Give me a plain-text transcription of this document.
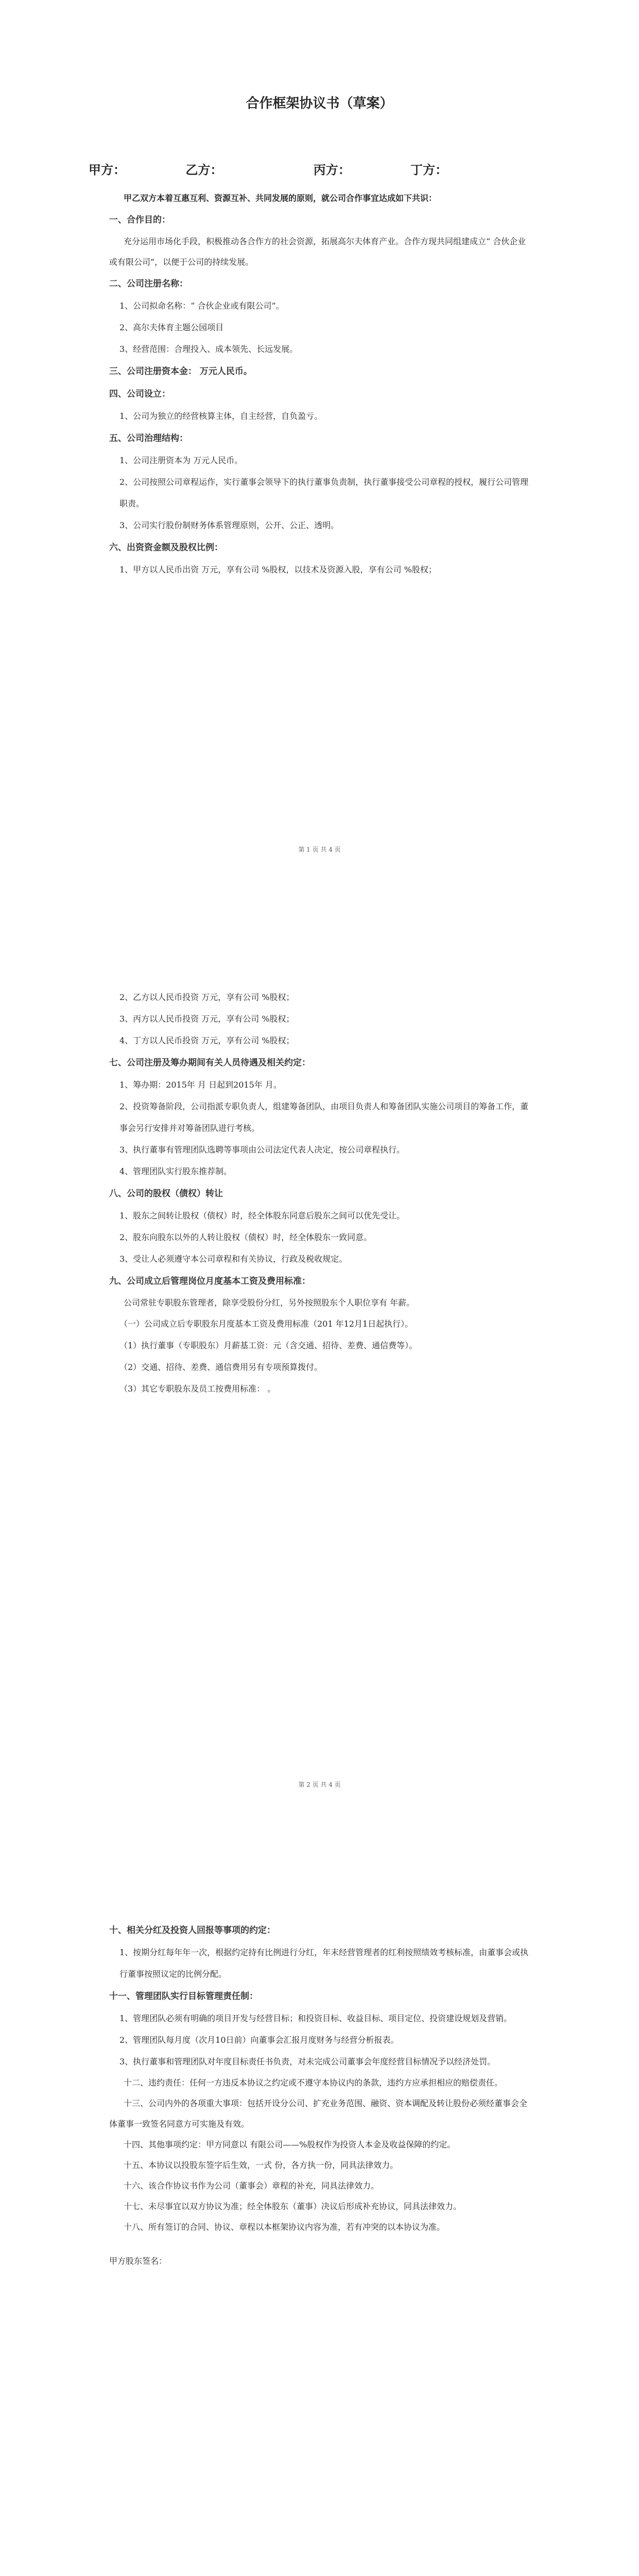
合作框架协议书（草案）
甲方：	乙方：	丙方：	丁方：

甲乙双方本着互惠互利、资源互补、共同发展的原则，就公司合作事宜达成如下共识：

一、合作目的：

充分运用市场化手段，积极推动各合作方的社会资源，拓展高尔夫体育产业。合作方现共同组建成立“ 合伙企业或有限公司”，以便于公司的持续发展。

二、公司注册名称：

1、公司拟命名称：“ 合伙企业或有限公司”。

2、高尔夫体育主题公园项目

3、经营范围：合理投入、成本领先、长远发展。

三、公司注册资本金： 万元人民币。

四、公司设立：

1、公司为独立的经营核算主体，自主经营，自负盈亏。

五、公司治理结构：

1、公司注册资本为 万元人民币。

2、公司按照公司章程运作，实行董事会领导下的执行董事负责制，执行董事接受公司章程的授权，履行公司管理职责。

3、公司实行股份制财务体系管理原则，公开、公正、透明。

六、出资资金额及股权比例：

1、甲方以人民币出资 万元，享有公司 %股权，以技术及资源入股，享有公司 %股权；

第 1 页 共 4 页

2、乙方以人民币投资 万元，享有公司 %股权；

3、丙方以人民币投资 万元，享有公司 %股权；

4、丁方以人民币投资 万元，享有公司 %股权；

七、公司注册及筹办期间有关人员待遇及相关约定：

1、筹办期：2015年 月 日起到2015年 月。

2、投资筹备阶段，公司指派专职负责人，组建筹备团队，由项目负责人和筹备团队实施公司项目的筹备工作，董事会另行安排并对筹备团队进行考核。

3、执行董事有管理团队选聘等事项由公司法定代表人决定，按公司章程执行。

4、管理团队实行股东推荐制。

八、公司的股权（债权）转让

1、股东之间转让股权（债权）时，经全体股东同意后股东之间可以优先受让。

2、股东向股东以外的人转让股权（债权）时，经全体股东一致同意。

3、受让人必须遵守本公司章程和有关协议，行政及税收规定。

九、公司成立后管理岗位月度基本工资及费用标准：

公司常驻专职股东管理者，除享受股份分红，另外按照股东个人职位享有 年薪。

（一）公司成立后专职股东月度基本工资及费用标准（201 年12月1日起执行）。

（1）执行董事（专职股东）月薪基工资：元（含交通、招待、差费、通信费等）。

（2）交通、招待、差费、通信费用另有专项预算拨付。

（3）其它专职股东及员工按费用标准： 。

第 2 页 共 4 页

十、相关分红及投资人回报等事项的约定：

1、按期分红每年年一次，根据约定持有比例进行分红，年末经营管理者的红利按照绩效考核标准，由董事会或执行董事按照议定的比例分配。

十一、管理团队实行目标管理责任制：

1、管理团队必须有明确的项目开发与经营目标；和投资目标、收益目标、项目定位、投资建设规划及营销。

2、管理团队每月度（次月10日前）向董事会汇报月度财务与经营分析报表。

3、执行董事和管理团队对年度目标责任书负责，对未完成公司董事会年度经营目标情况予以经济处罚。

十二、违约责任：任何一方违反本协议之约定或不遵守本协议内的条款，违约方应承担相应的赔偿责任。

十三、公司内外的各项重大事项：包括开设分公司、扩充业务范围、融资、资本调配及转让股份必须经董事会全体董事一致签名同意方可实施及有效。

十四、其他事项约定：甲方同意以 有限公司——%股权作为投资人本金及收益保障的约定。

十五、本协议以投股东签字后生效，一式 份，各方执一份，同具法律效力。

十六、该合作协议书作为公司（董事会）章程的补充，同具法律效力。

十七、未尽事宜以双方协议为准；经全体股东（董事）决议后形成补充协议，同具法律效力。

十八、所有签订的合同、协议、章程以本框架协议内容为准，若有冲突的以本协议为准。

甲方股东签名：
